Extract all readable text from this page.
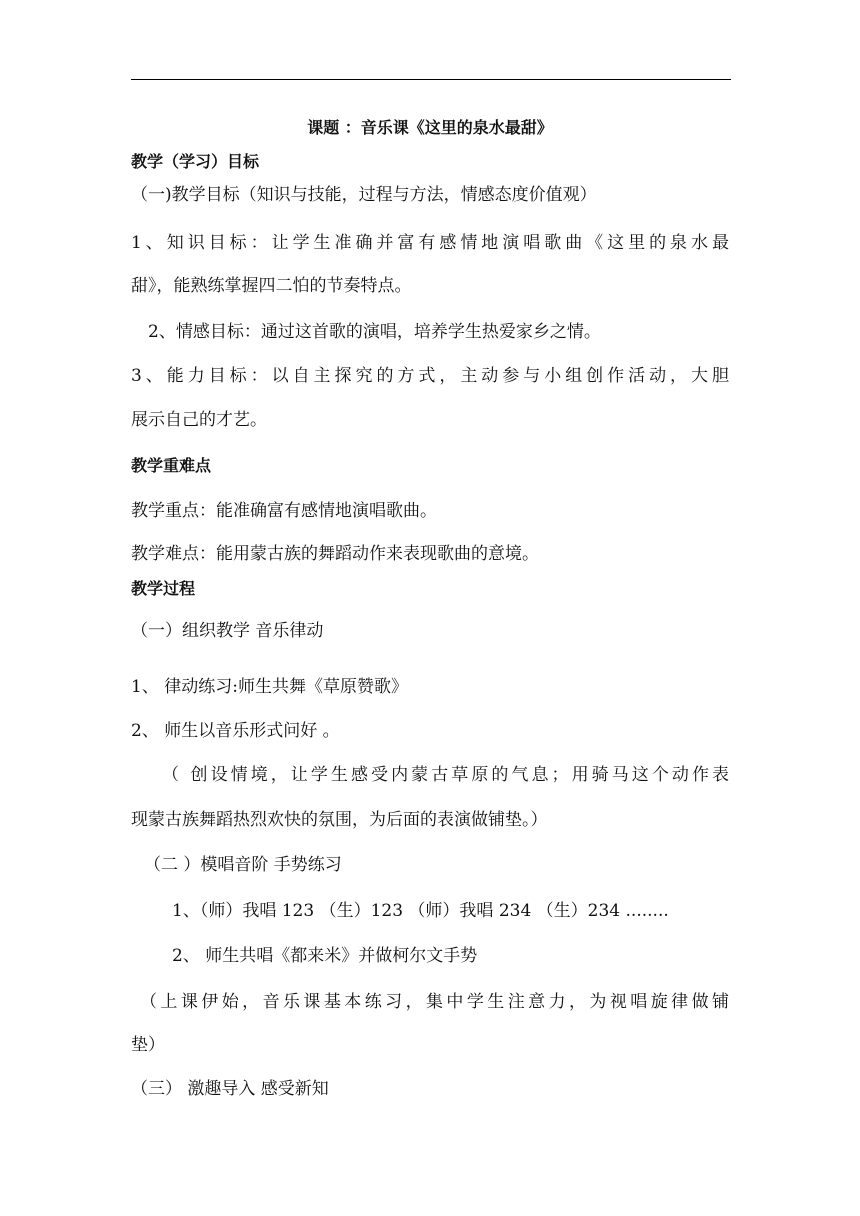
课题 ：音乐课《这里的泉水最甜》
教学（学习）目标
（一)教学目标（知识与技能，过程与方法，情感态度价值观）
1、知识目标：让学生准确并富有感情地演唱歌曲《这里的泉水最
甜》，能熟练掌握四二怕的节奏特点。
2、情感目标：通过这首歌的演唱，培养学生热爱家乡之情。
3、能力目标：以自主探究的方式，主动参与小组创作活动，大胆
展示自己的才艺。
教学重难点
教学重点：能准确富有感情地演唱歌曲。
教学难点：能用蒙古族的舞蹈动作来表现歌曲的意境。
教学过程
（一）组织教学 音乐律动
1、 律动练习:师生共舞《草原赞歌》
2、 师生以音乐形式问好 。
（ 创设情境，让学生感受内蒙古草原的气息；用骑马这个动作表
现蒙古族舞蹈热烈欢快的氛围，为后面的表演做铺垫。）
（二 ）模唱音阶 手势练习
1、（师）我唱 123 （生）123 （师）我唱 234 （生）234 ........
2、 师生共唱《都来米》并做柯尔文手势
（上课伊始，音乐课基本练习，集中学生注意力，为视唱旋律做铺
垫）
（三） 激趣导入 感受新知
